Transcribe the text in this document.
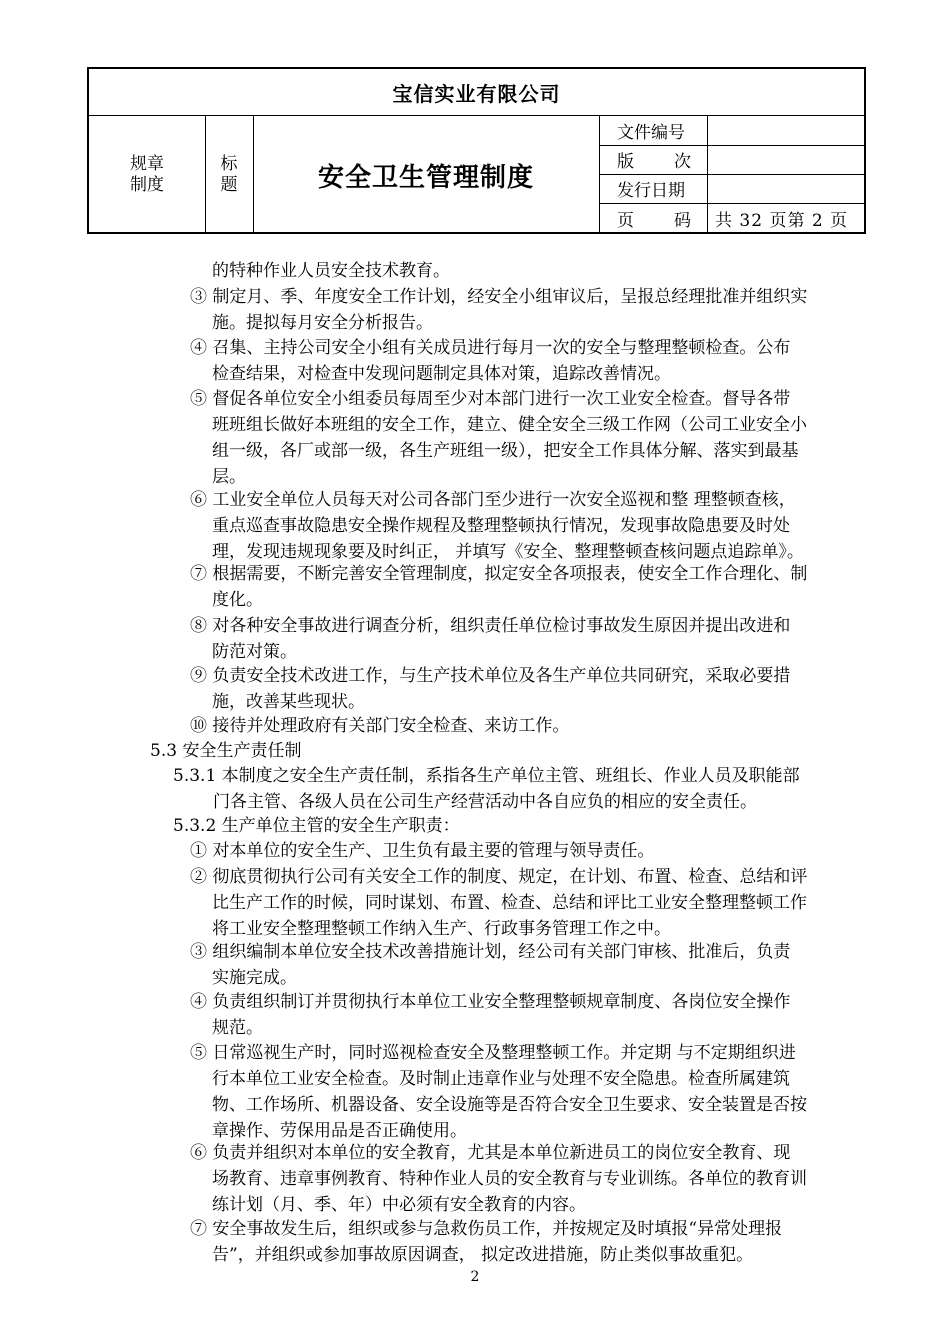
宝信实业有限公司
规章
制度
标
题	安全卫生管理制度
文件编号
版 次
发行日期
页 码	共 32 页第 2 页
的特种作业人员安全技术教育。
③ 制定月、季、年度安全工作计划，经安全小组审议后，呈报总经理批准并组织实
施。提拟每月安全分析报告。
④ 召集、主持公司安全小组有关成员进行每月一次的安全与整理整顿检查。公布
检查结果，对检查中发现问题制定具体对策，追踪改善情况。
⑤ 督促各单位安全小组委员每周至少对本部门进行一次工业安全检查。督导各带
班班组长做好本班组的安全工作，建立、健全安全三级工作网（公司工业安全小
组一级，各厂或部一级，各生产班组一级），把安全工作具体分解、落实到最基
层。
⑥ 工业安全单位人员每天对公司各部门至少进行一次安全巡视和整 理整顿查核，
重点巡查事故隐患安全操作规程及整理整顿执行情况，发现事故隐患要及时处
理，发现违规现象要及时纠正， 并填写《安全、整理整顿查核问题点追踪单》。
⑦ 根据需要，不断完善安全管理制度，拟定安全各项报表，使安全工作合理化、制
度化。
⑧ 对各种安全事故进行调查分析，组织责任单位检讨事故发生原因并提出改进和
防范对策。
⑨ 负责安全技术改进工作，与生产技术单位及各生产单位共同研究，采取必要措
施，改善某些现状。
⑩ 接待并处理政府有关部门安全检查、来访工作。
5.3 安全生产责任制
5.3.1 本制度之安全生产责任制，系指各生产单位主管、班组长、作业人员及职能部
门各主管、各级人员在公司生产经营活动中各自应负的相应的安全责任。
5.3.2 生产单位主管的安全生产职责：
① 对本单位的安全生产、卫生负有最主要的管理与领导责任。
② 彻底贯彻执行公司有关安全工作的制度、规定，在计划、布置、检查、总结和评
比生产工作的时候，同时谋划、布置、检查、总结和评比工业安全整理整顿工作
将工业安全整理整顿工作纳入生产、行政事务管理工作之中。
③ 组织编制本单位安全技术改善措施计划，经公司有关部门审核、批准后，负责
实施完成。
④ 负责组织制订并贯彻执行本单位工业安全整理整顿规章制度、各岗位安全操作
规范。
⑤ 日常巡视生产时，同时巡视检查安全及整理整顿工作。并定期 与不定期组织进
行本单位工业安全检查。及时制止违章作业与处理不安全隐患。检查所属建筑
物、工作场所、机器设备、安全设施等是否符合安全卫生要求、安全装置是否按
章操作、劳保用品是否正确使用。
⑥ 负责并组织对本单位的安全教育，尤其是本单位新进员工的岗位安全教育、现
场教育、违章事例教育、特种作业人员的安全教育与专业训练。各单位的教育训
练计划（月、季、年）中必须有安全教育的内容。
⑦ 安全事故发生后，组织或参与急救伤员工作，并按规定及时填报“异常处理报
告”，并组织或参加事故原因调查， 拟定改进措施，防止类似事故重犯。
2
